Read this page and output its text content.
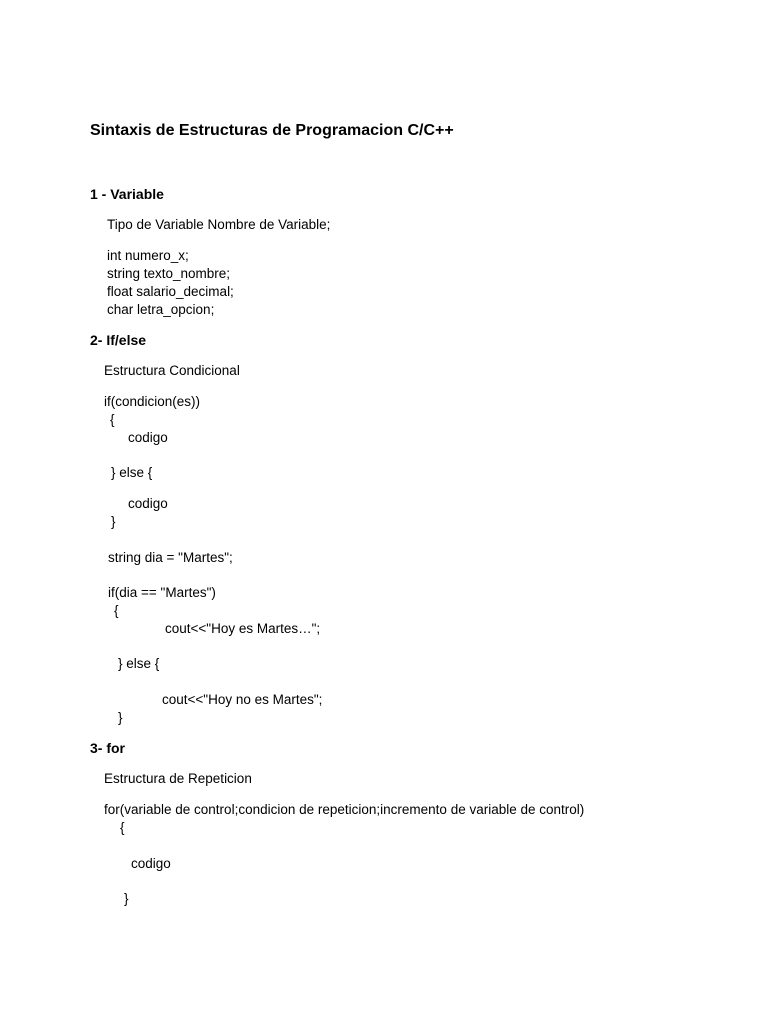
Sintaxis de Estructuras de Programacion C/C++
1 - Variable
Tipo de Variable Nombre de Variable;
int numero_x;
string texto_nombre;
float salario_decimal;
char letra_opcion;
2- If/else
Estructura Condicional
if(condicion(es))
{
codigo
} else {
codigo
}
string dia = "Martes";
if(dia == "Martes")
{
cout<<"Hoy es Martes…";
} else {
cout<<"Hoy no es Martes";
}
3- for
Estructura de Repeticion
for(variable de control;condicion de repeticion;incremento de variable de control)
{
codigo
}
